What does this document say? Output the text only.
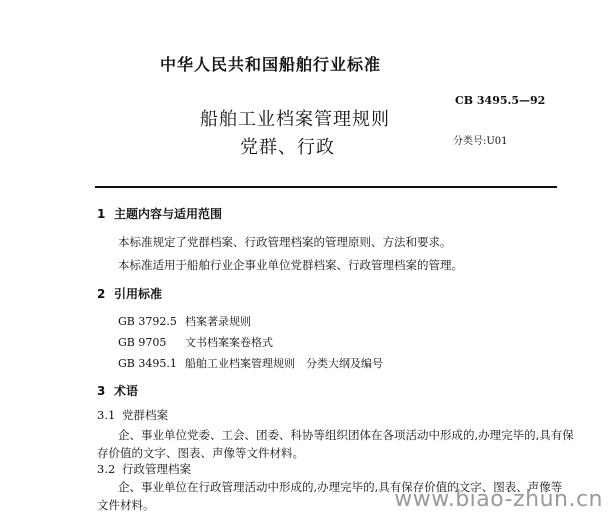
中华人民共和国船舶行业标准
CB 3495.5—92
船舶工业档案管理规则
党群、行政	分类号:U01
1 主题内容与适用范围
本标准规定了党群档案、行政管理档案的管理原则、方法和要求。
本标准适用于船舶行业企事业单位党群档案、行政管理档案的管理。
2 引用标准
GB 3792.5 档案著录规则
GB 9705 文书档案案卷格式
GB 3495.1 船舶工业档案管理规则　分类大纲及编号
3 术语
3.1 党群档案
企、事业单位党委、工会、团委、科协等组织团体在各项活动中形成的,办理完毕的,具有保
存价值的文字、图表、声像等文件材料。
3.2 行政管理档案
企、事业单位在行政管理活动中形成的,办理完毕的,具有保存价值的文字、图表、声像等
文件材料。	www.biao-zhun.cn
